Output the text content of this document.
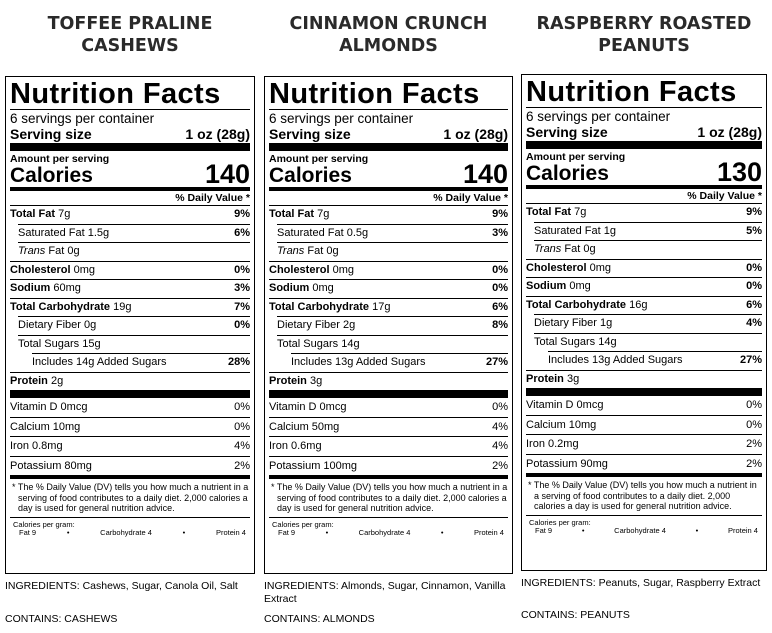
TOFFEE PRALINE
CASHEWS
Nutrition Facts
6 servings per container
Serving size	1 oz (28g)
Amount per serving
Calories	140
% Daily Value *
Total Fat 7g	9%
Saturated Fat 1.5g	6%
Trans Fat 0g
Cholesterol 0mg	0%
Sodium 60mg	3%
Total Carbohydrate 19g	7%
Dietary Fiber 0g	0%
Total Sugars 15g
Includes 14g Added Sugars	28%
Protein 2g
Vitamin D 0mcg	0%
Calcium 10mg	0%
Iron 0.8mg	4%
Potassium 80mg	2%
* The % Daily Value (DV) tells you how much a nutrient in a serving of food contributes to a daily diet. 2,000 calories a day is used for general nutrition advice.
Calories per gram:
Fat 9	•	Carbohydrate 4	•	Protein 4
INGREDIENTS: Cashews, Sugar, Canola Oil, Salt
CONTAINS: CASHEWS
CINNAMON CRUNCH
ALMONDS
Nutrition Facts
6 servings per container
Serving size	1 oz (28g)
Amount per serving
Calories	140
% Daily Value *
Total Fat 7g	9%
Saturated Fat 0.5g	3%
Trans Fat 0g
Cholesterol 0mg	0%
Sodium 0mg	0%
Total Carbohydrate 17g	6%
Dietary Fiber 2g	8%
Total Sugars 14g
Includes 13g Added Sugars	27%
Protein 3g
Vitamin D 0mcg	0%
Calcium 50mg	4%
Iron 0.6mg	4%
Potassium 100mg	2%
* The % Daily Value (DV) tells you how much a nutrient in a serving of food contributes to a daily diet. 2,000 calories a day is used for general nutrition advice.
Calories per gram:
Fat 9	•	Carbohydrate 4	•	Protein 4
INGREDIENTS: Almonds, Sugar, Cinnamon, Vanilla Extract
CONTAINS: ALMONDS
RASPBERRY ROASTED
PEANUTS
Nutrition Facts
6 servings per container
Serving size	1 oz (28g)
Amount per serving
Calories	130
% Daily Value *
Total Fat 7g	9%
Saturated Fat 1g	5%
Trans Fat 0g
Cholesterol 0mg	0%
Sodium 0mg	0%
Total Carbohydrate 16g	6%
Dietary Fiber 1g	4%
Total Sugars 14g
Includes 13g Added Sugars	27%
Protein 3g
Vitamin D 0mcg	0%
Calcium 10mg	0%
Iron 0.2mg	2%
Potassium 90mg	2%
* The % Daily Value (DV) tells you how much a nutrient in a serving of food contributes to a daily diet. 2,000 calories a day is used for general nutrition advice.
Calories per gram:
Fat 9	•	Carbohydrate 4	•	Protein 4
INGREDIENTS: Peanuts, Sugar, Raspberry Extract
CONTAINS: PEANUTS
